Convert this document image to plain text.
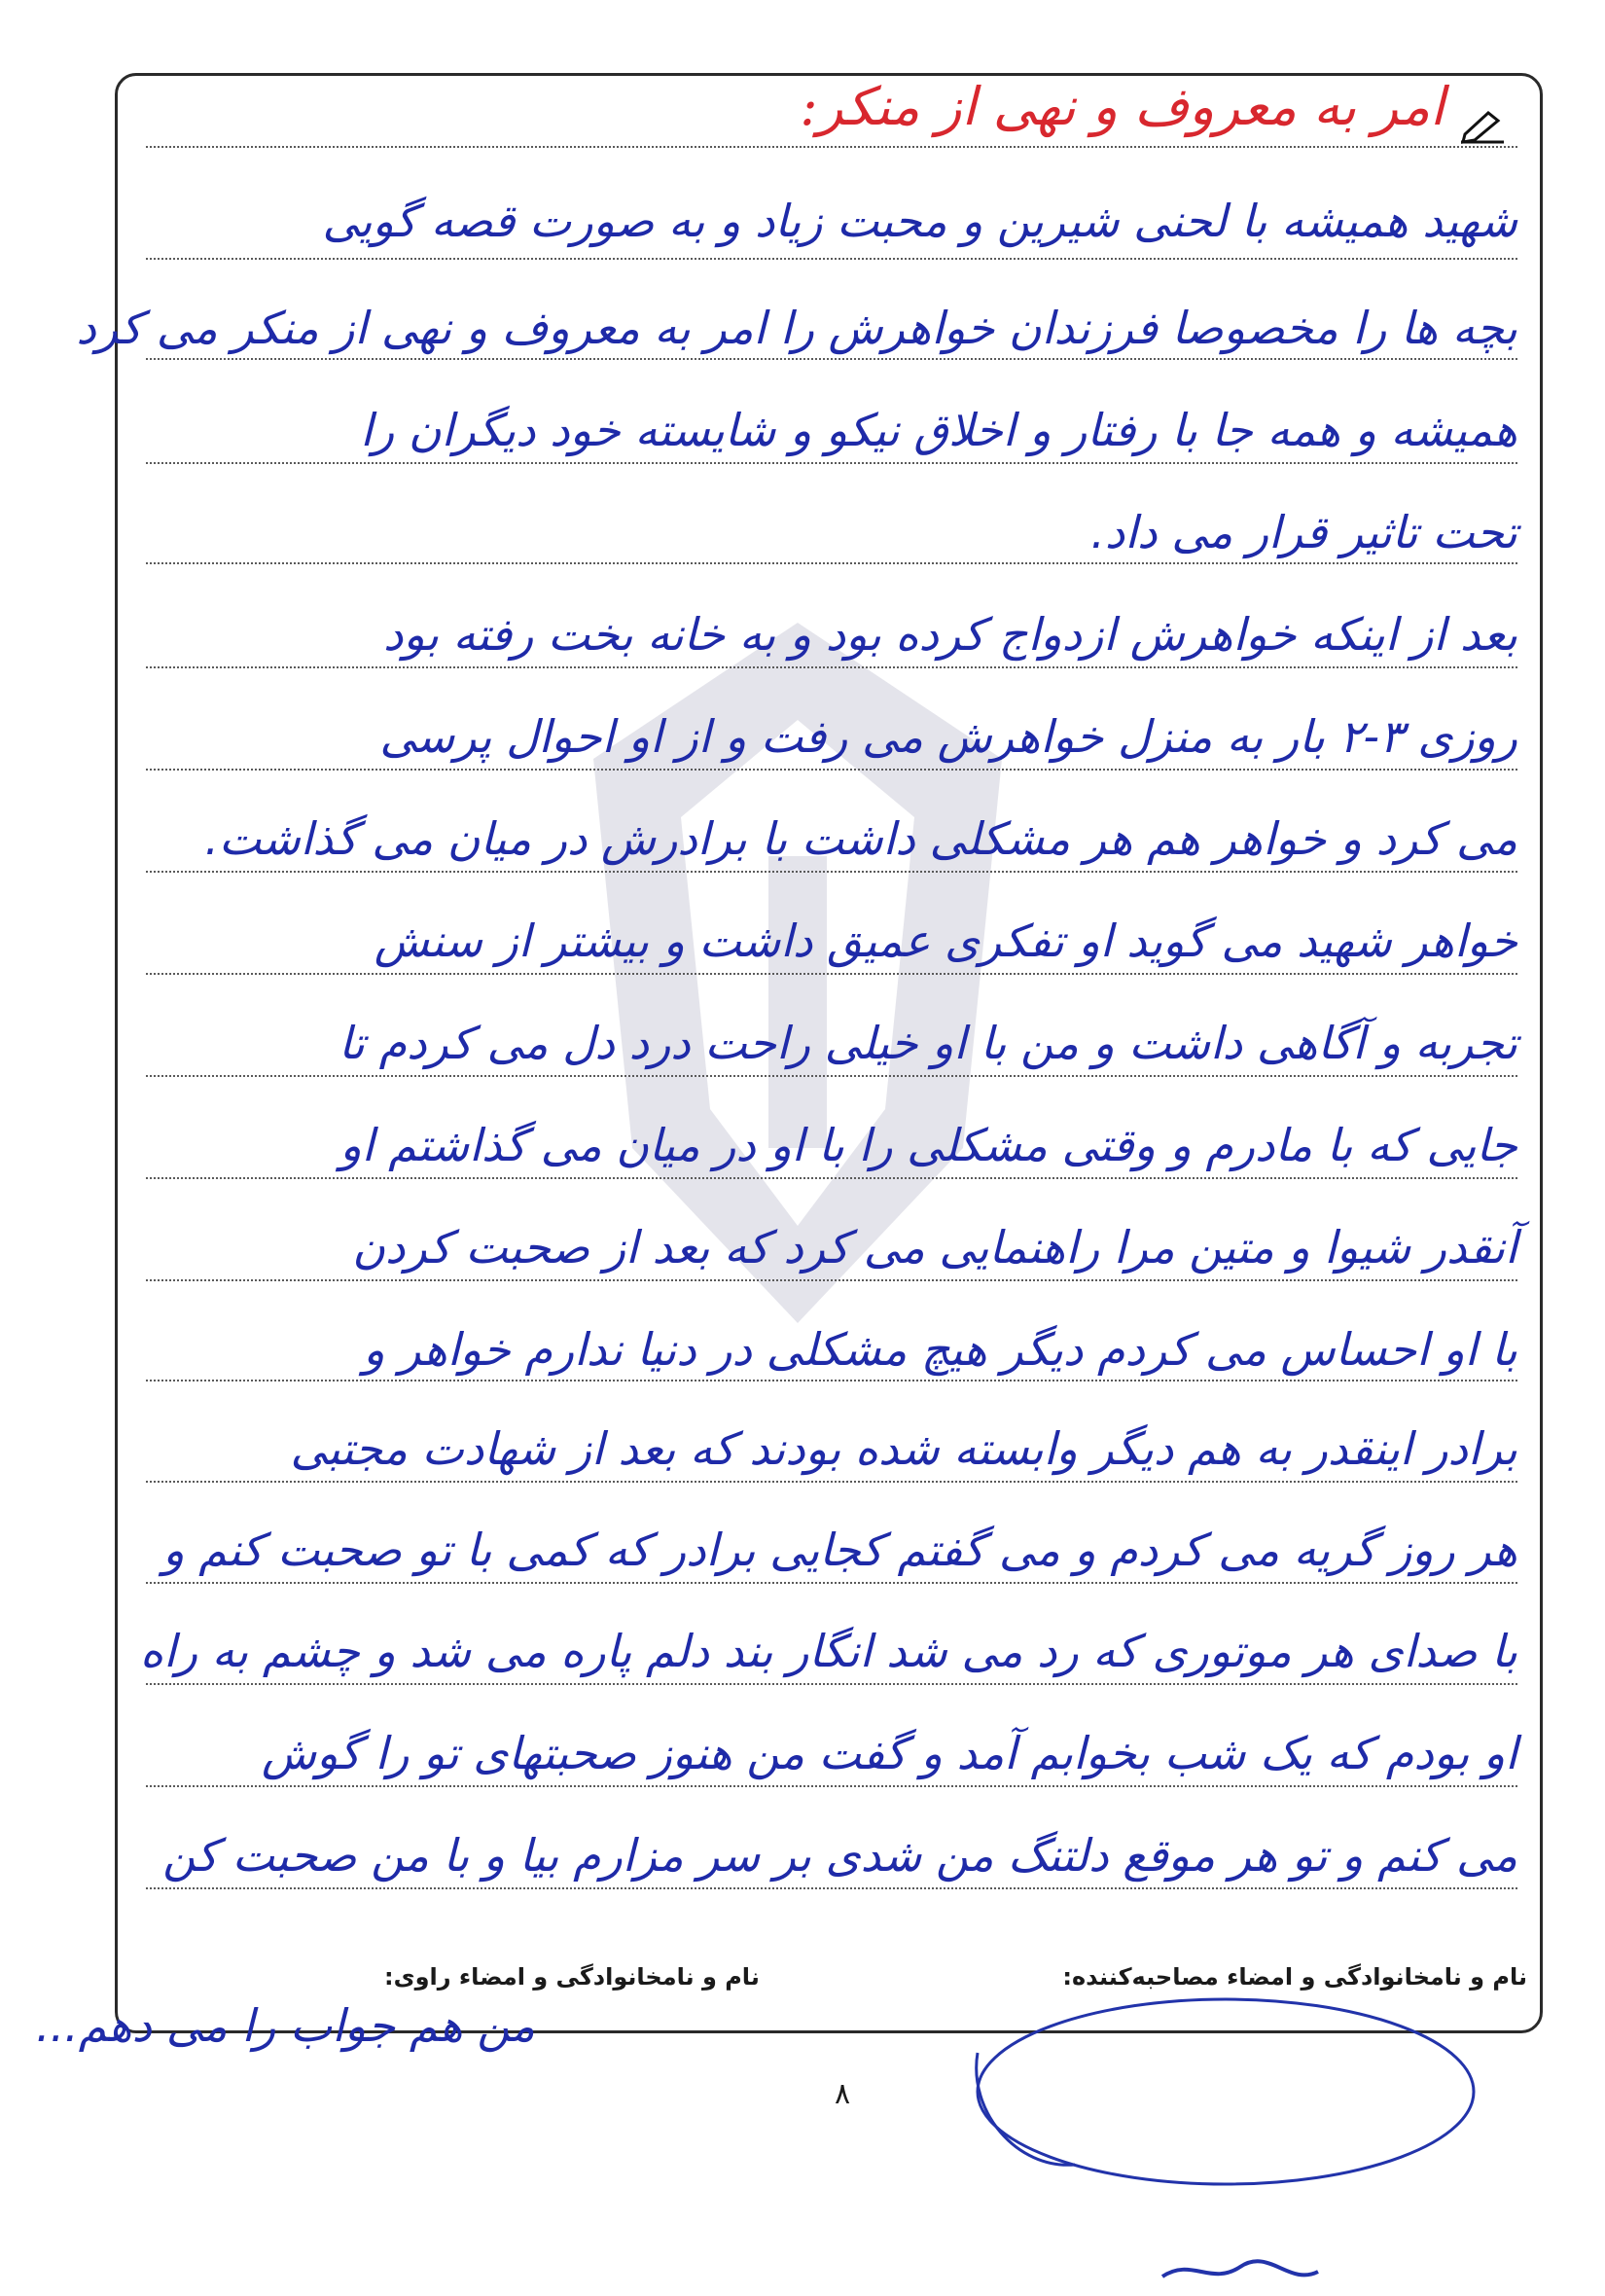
امر به معروف و نهی از منکر:
شهید همیشه با لحنی شیرین و محبت زیاد و به صورت قصه گویی
بچه ها را مخصوصا فرزندان خواهرش را امر به معروف و نهی از منکر می کرد
همیشه و همه جا با رفتار و اخلاق نیکو و شایسته خود دیگران را
تحت تاثیر قرار می داد.
بعد از اینکه خواهرش ازدواج کرده بود و به خانه بخت رفته بود
روزی ۳-۲ بار به منزل خواهرش می رفت و از او احوال پرسی
می کرد و خواهر هم هر مشکلی داشت با برادرش در میان می گذاشت.
خواهر شهید می گوید او تفکری عمیق داشت و بیشتر از سنش
تجربه و آگاهی داشت و من با او خیلی راحت درد دل می کردم تا
جایی که با مادرم و وقتی مشکلی را با او در میان می گذاشتم او
آنقدر شیوا و متین مرا راهنمایی می کرد که بعد از صحبت کردن
با او احساس می کردم دیگر هیچ مشکلی در دنیا ندارم خواهر و
برادر اینقدر به هم دیگر وابسته شده بودند که بعد از شهادت مجتبی
هر روز گریه می کردم و می گفتم کجایی برادر که کمی با تو صحبت کنم و
با صدای هر موتوری که رد می شد انگار بند دلم پاره می شد و چشم به راه
او بودم که یک شب بخوابم آمد و گفت من هنوز صحبتهای تو را گوش
می کنم و تو هر موقع دلتنگ من شدی بر سر مزارم بیا و با من صحبت کن
من هم جواب را می دهم...
نام و نامخانوادگی و امضاء مصاحبه‌کننده:
نام و نامخانوادگی و امضاء راوی:
۸
